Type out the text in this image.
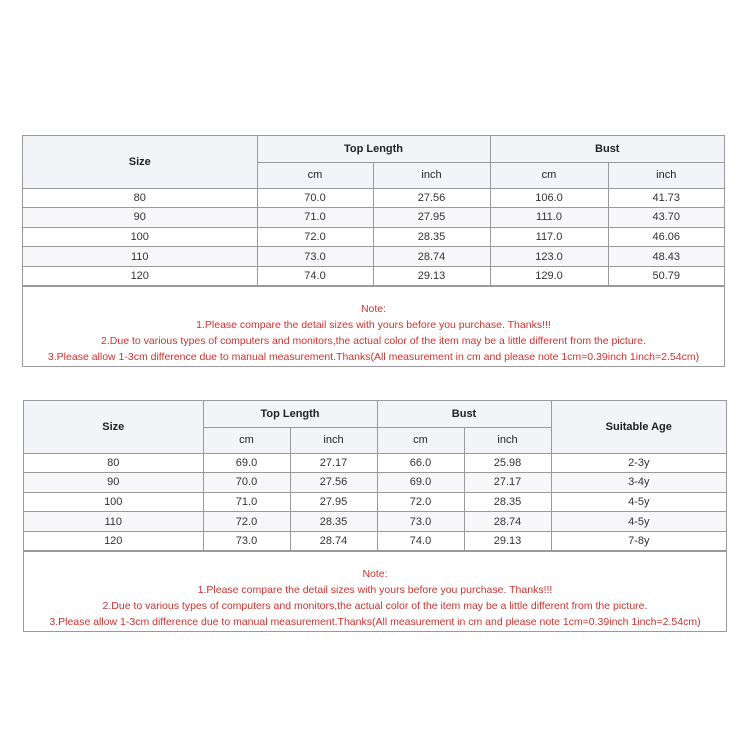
Size	Top Length		Bust	
	cm	inch	cm	inch
80	70.0	27.56	106.0	41.73
90	71.0	27.95	111.0	43.70
100	72.0	28.35	117.0	46.06
110	73.0	28.74	123.0	48.43
120	74.0	29.13	129.0	50.79
Note:
1.Please compare the detail sizes with yours before you purchase. Thanks!!!
2.Due to various types of computers and monitors,the actual color of the item may be a little different from the picture.
3.Please allow 1-3cm difference due to manual measurement.Thanks(All measurement in cm and please note 1cm=0.39inch 1inch=2.54cm)
Size	Top Length		Bust		Suitable Age
	cm	inch	cm	inch	
80	69.0	27.17	66.0	25.98	2-3y
90	70.0	27.56	69.0	27.17	3-4y
100	71.0	27.95	72.0	28.35	4-5y
110	72.0	28.35	73.0	28.74	4-5y
120	73.0	28.74	74.0	29.13	7-8y
Note:
1.Please compare the detail sizes with yours before you purchase. Thanks!!!
2.Due to various types of computers and monitors,the actual color of the item may be a little different from the picture.
3.Please allow 1-3cm difference due to manual measurement.Thanks(All measurement in cm and please note 1cm=0.39inch 1inch=2.54cm)
